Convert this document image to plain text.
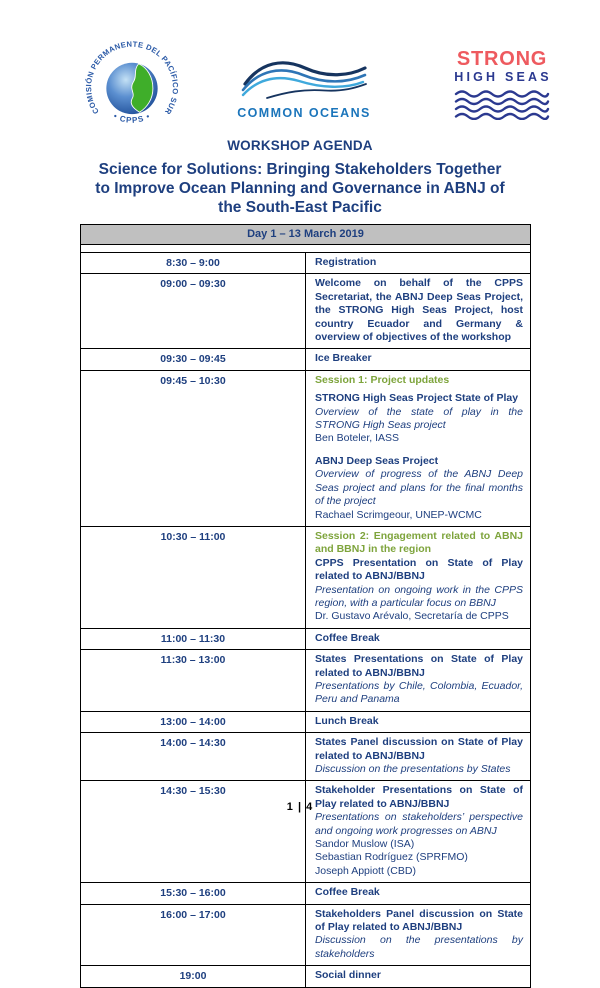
COMISIÓN PERMANENTE DEL PACÍFICO SUR
• CPPS •	COMMON OCEANS
STRONG
HIGH SEAS
WORKSHOP AGENDA
Science for Solutions: Bringing Stakeholders Together
to Improve Ocean Planning and Governance in ABNJ of
the South-East Pacific
Day 1 – 13 March 2019	

8:30 – 9:00	Registration

09:00 – 09:30	Welcome on behalf of the CPPS Secretariat, the ABNJ Deep Seas Project, the STRONG High Seas Project, host country Ecuador and Germany & overview of objectives of the workshop

09:30 – 09:45	Ice Breaker

09:45 – 10:30	Session 1: Project updates
STRONG High Seas Project State of Play
Overview of the state of play in the STRONG High Seas project
Ben Boteler, IASS
ABNJ Deep Seas Project
Overview of progress of the ABNJ Deep Seas project and plans for the final months of the project
Rachael Scrimgeour, UNEP-WCMC

10:30 – 11:00	Session 2: Engagement related to ABNJ and BBNJ in the region
CPPS Presentation on State of Play related to ABNJ/BBNJ
Presentation on ongoing work in the CPPS region, with a particular focus on BBNJ
Dr. Gustavo Arévalo, Secretaría de CPPS

11:00 – 11:30	Coffee Break

11:30 – 13:00	States Presentations on State of Play related to ABNJ/BBNJ
Presentations by Chile, Colombia, Ecuador, Peru and Panama

13:00 – 14:00	Lunch Break

14:00 – 14:30	States Panel discussion on State of Play related to ABNJ/BBNJ
Discussion on the presentations by States

14:30 – 15:30	Stakeholder Presentations on State of Play related to ABNJ/BBNJ
Presentations on stakeholders’ perspective and ongoing work progresses on ABNJ
Sandor Muslow (ISA)
Sebastian Rodríguez (SPRFMO)
Joseph Appiott (CBD)

15:30 – 16:00	Coffee Break

16:00 – 17:00	Stakeholders Panel discussion on State of Play related to ABNJ/BBNJ
Discussion on the presentations by stakeholders

19:00	Social dinner
1 | 4
